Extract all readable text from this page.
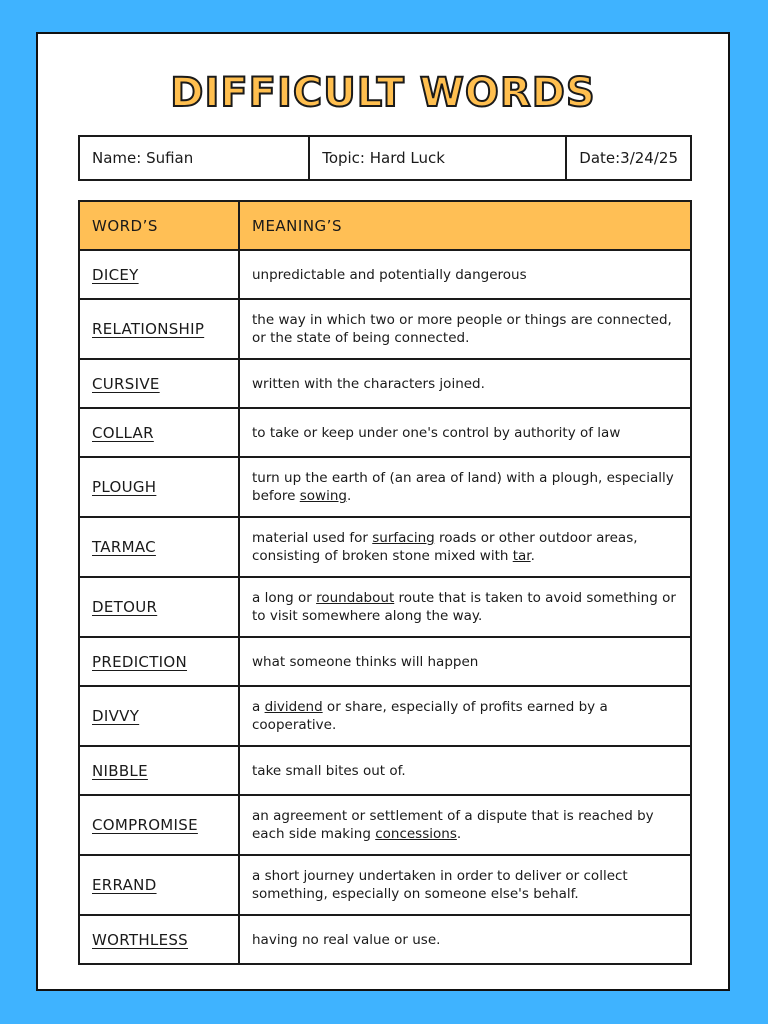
DIFFICULT WORDS
Name: Sufian	Topic: Hard Luck	Date:3/24/25
WORD’S	MEANING’S
DICEY	unpredictable and potentially dangerous
RELATIONSHIP	the way in which two or more people or things are connected, or the state of being connected.
CURSIVE	written with the characters joined.
COLLAR	to take or keep under one's control by authority of law
PLOUGH	turn up the earth of (an area of land) with a plough, especially before sowing.
TARMAC	material used for surfacing roads or other outdoor areas, consisting of broken stone mixed with tar.
DETOUR	a long or roundabout route that is taken to avoid something or to visit somewhere along the way.
PREDICTION	what someone thinks will happen
DIVVY	a dividend or share, especially of profits earned by a cooperative.
NIBBLE	take small bites out of.
COMPROMISE	an agreement or settlement of a dispute that is reached by each side making concessions.
ERRAND	a short journey undertaken in order to deliver or collect something, especially on someone else's behalf.
WORTHLESS	having no real value or use.
